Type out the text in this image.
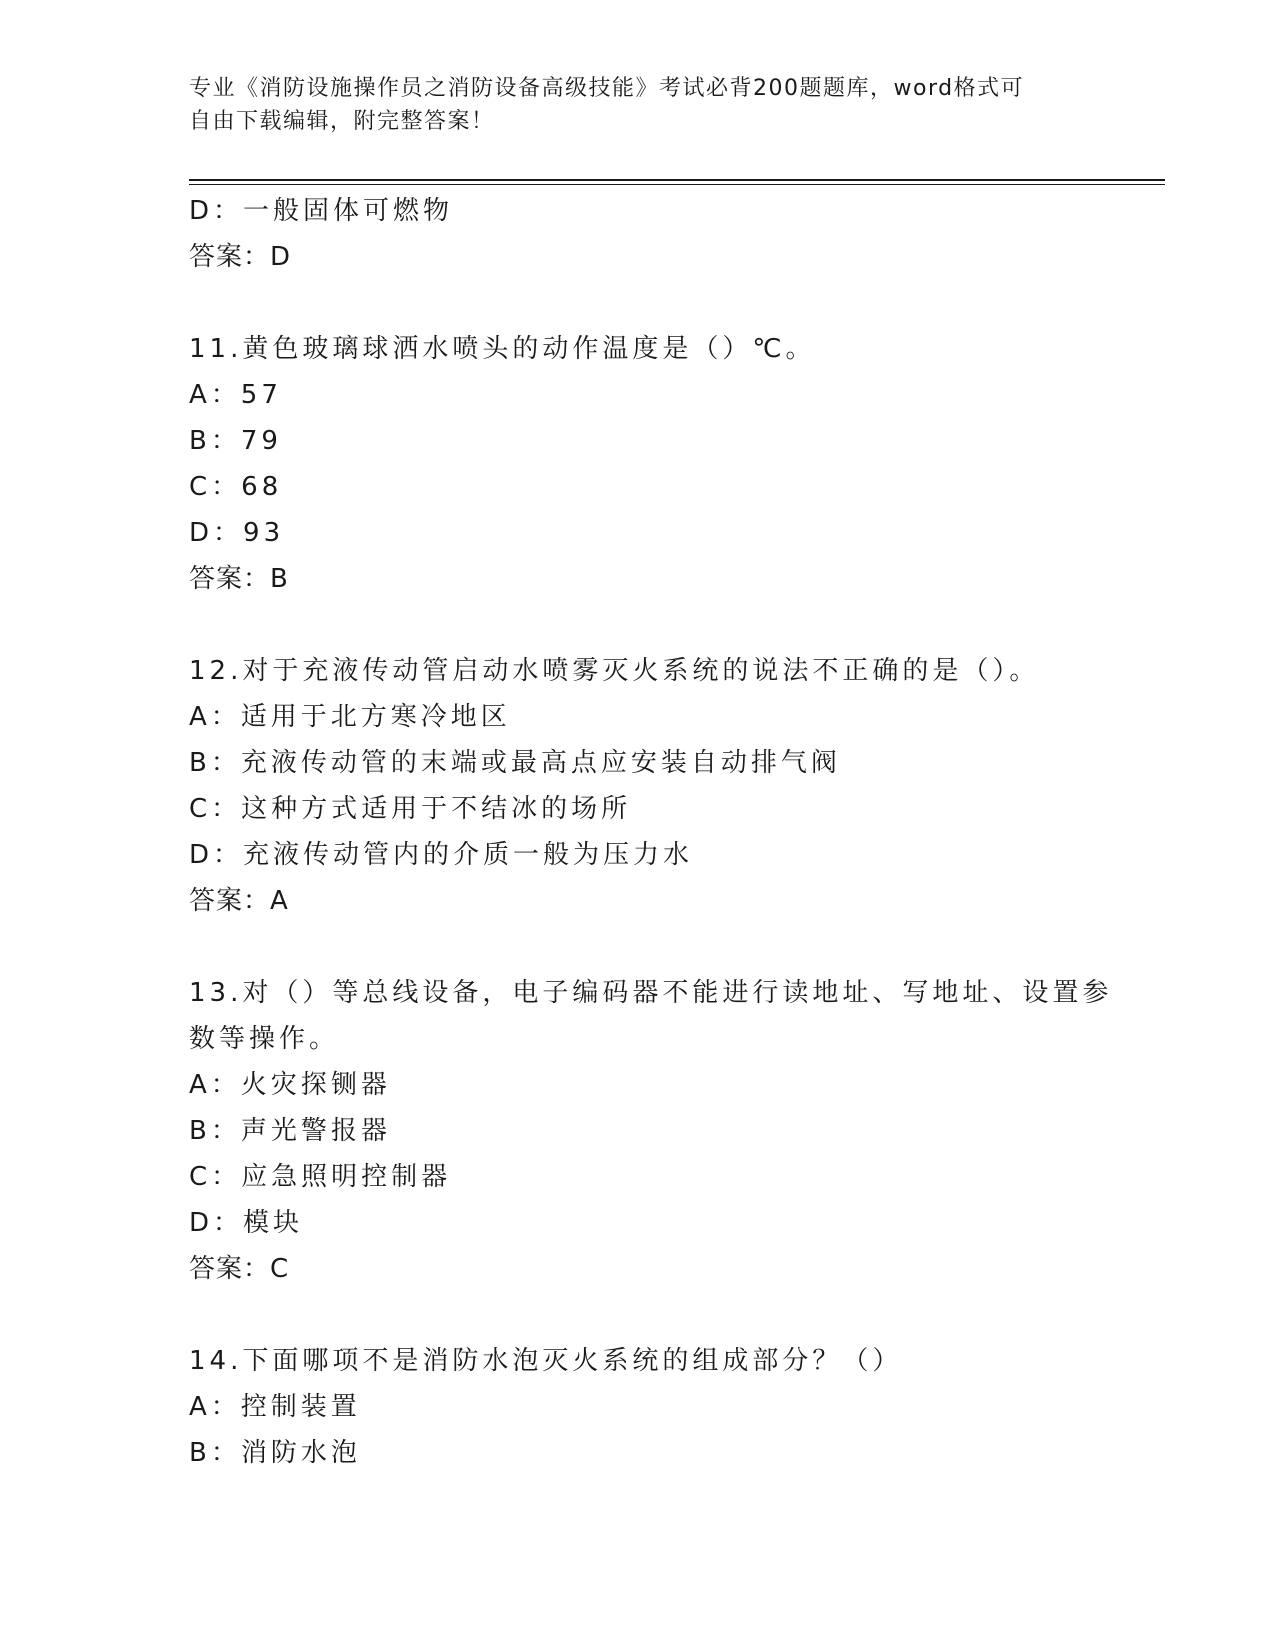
专业《消防设施操作员之消防设备高级技能》考试必背200题题库，word格式可
自由下载编辑，附完整答案！
D：一般固体可燃物
答案：D
11.黄色玻璃球洒水喷头的动作温度是（）℃。
A：57
B：79
C：68
D：93
答案：B
12.对于充液传动管启动水喷雾灭火系统的说法不正确的是（）。
A：适用于北方寒冷地区
B：充液传动管的末端或最高点应安装自动排气阀
C：这种方式适用于不结冰的场所
D：充液传动管内的介质一般为压力水
答案：A
13.对（）等总线设备，电子编码器不能进行读地址、写地址、设置参
数等操作。
A：火灾探铡器
B：声光警报器
C：应急照明控制器
D：模块
答案：C
14.下面哪项不是消防水泡灭火系统的组成部分？（）
A：控制装置
B：消防水泡
